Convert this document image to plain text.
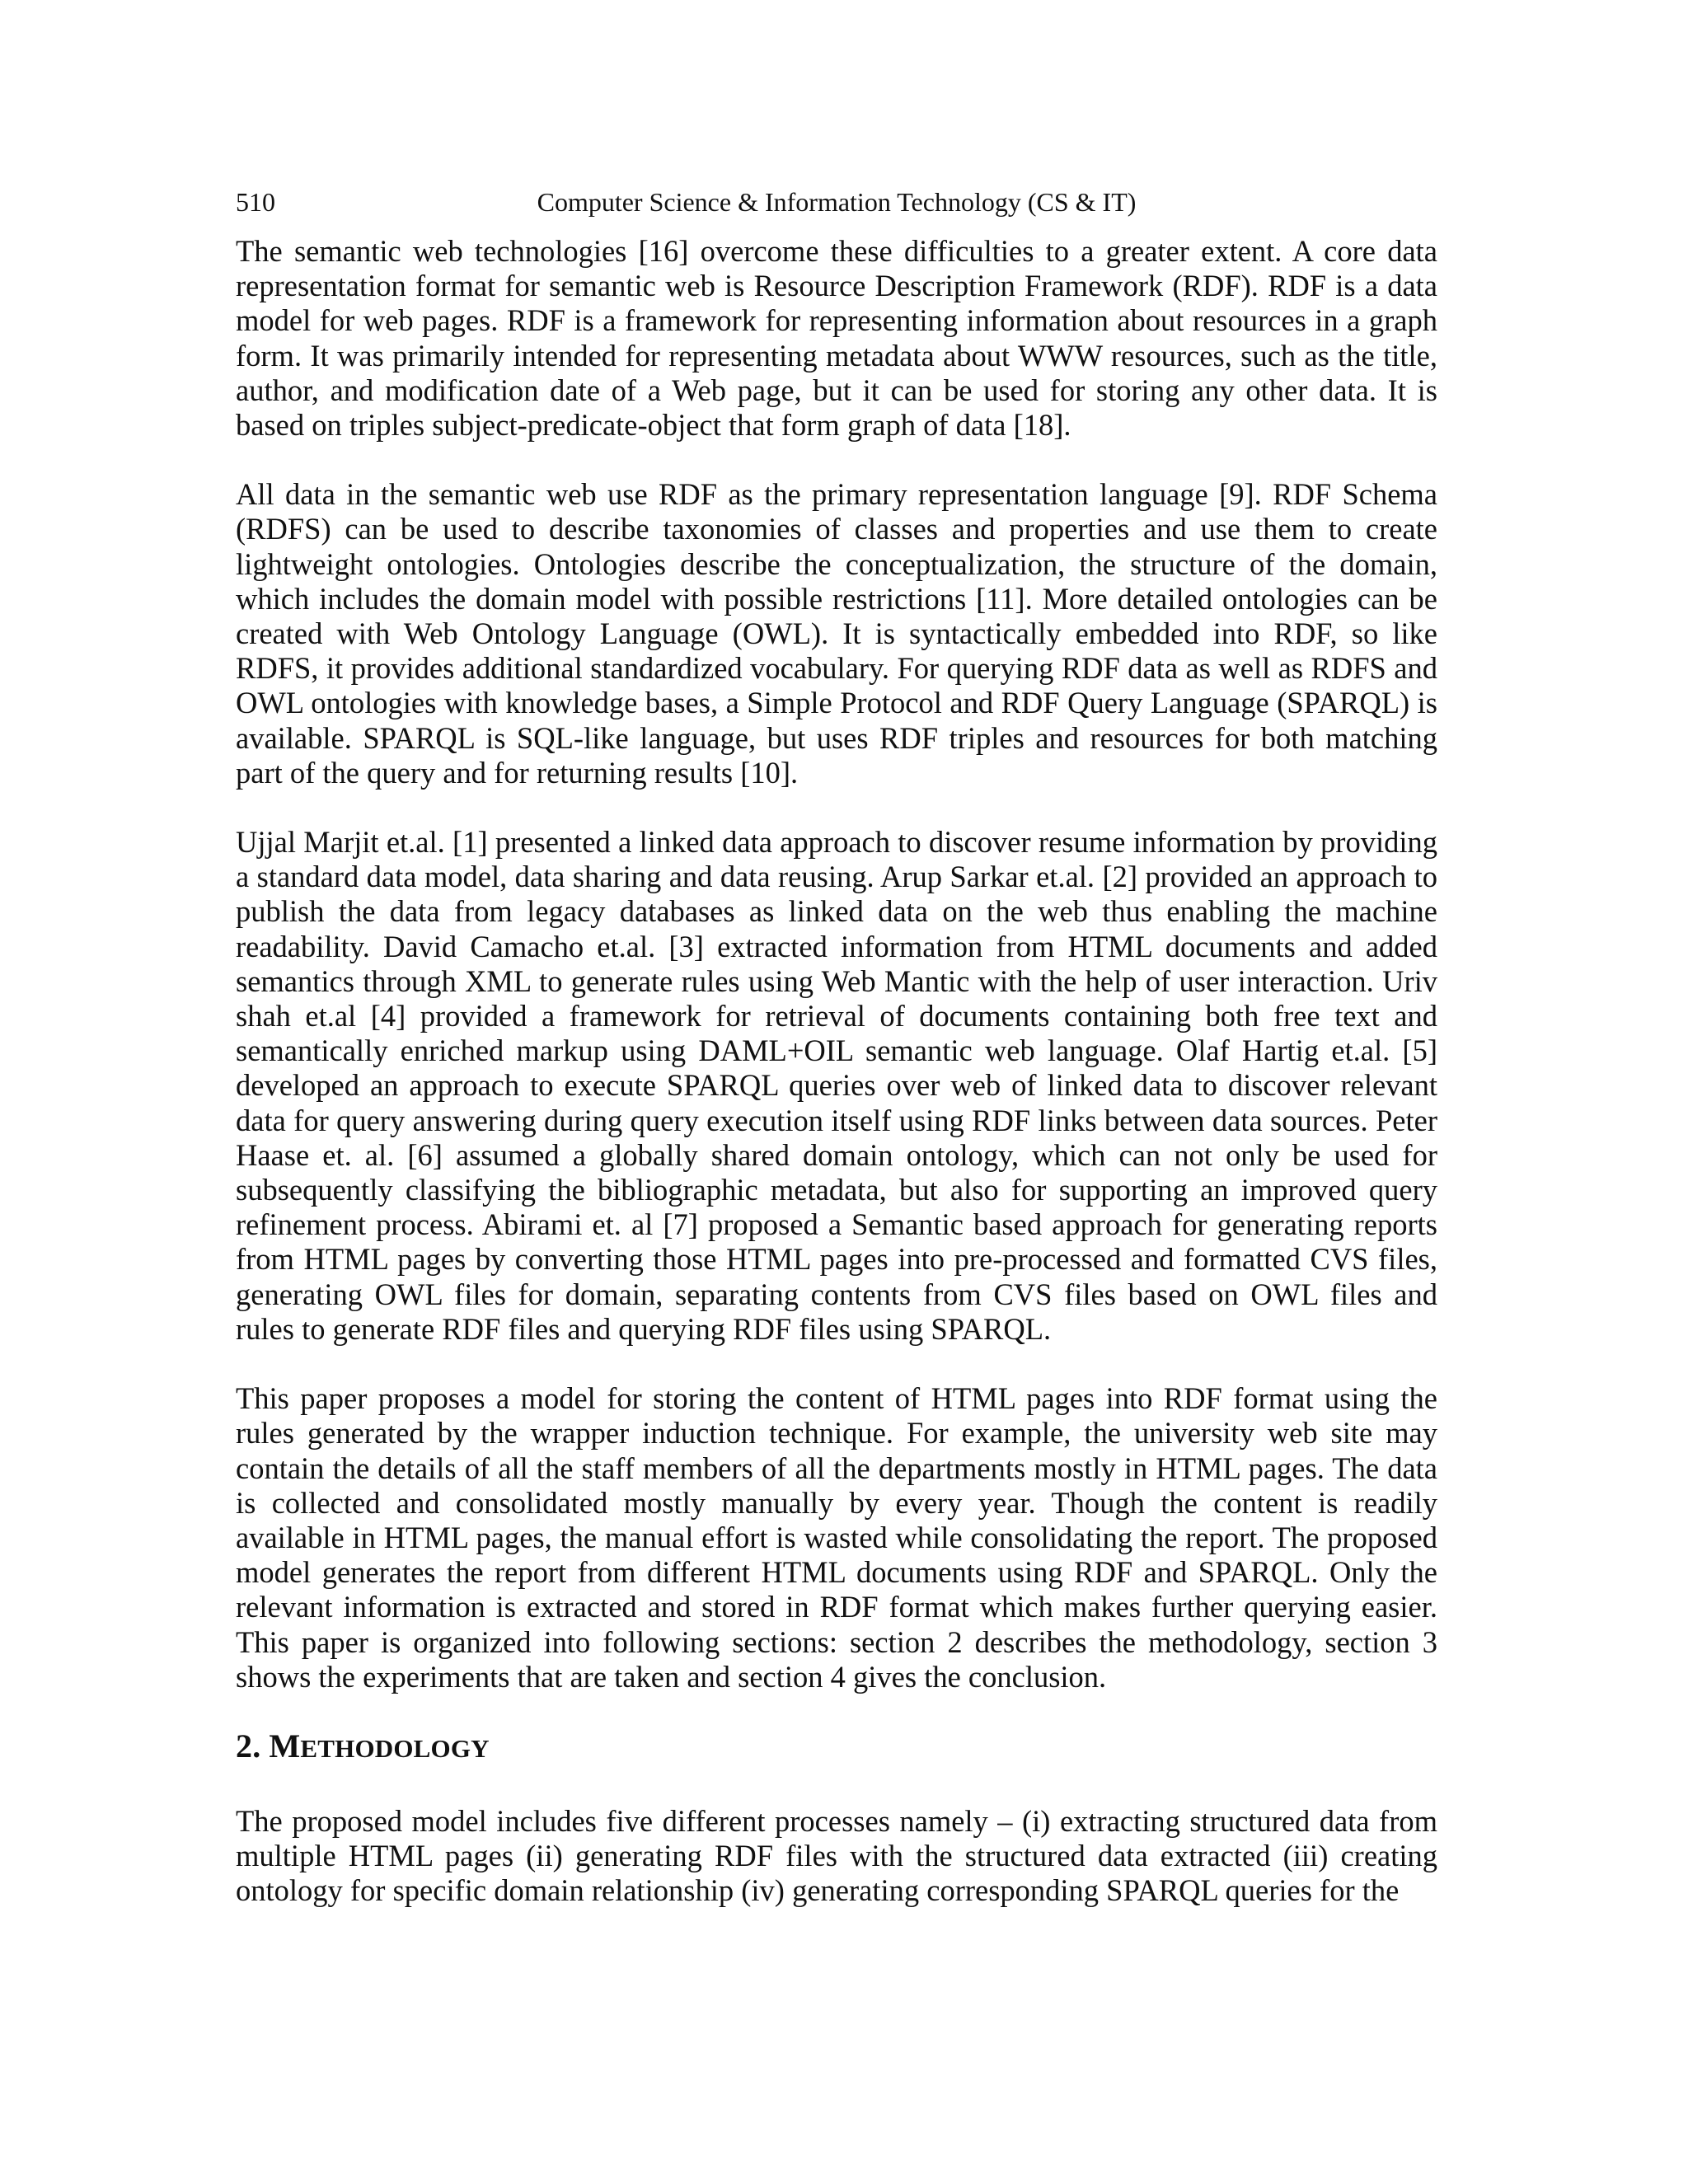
510	Computer Science & Information Technology (CS & IT)

The semantic web technologies [16] overcome these difficulties to a greater extent. A core data representation format for semantic web is Resource Description Framework (RDF). RDF is a data model for web pages. RDF is a framework for representing information about resources in a graph form. It was primarily intended for representing metadata about WWW resources, such as the title, author, and modification date of a Web page, but it can be used for storing any other data. It is based on triples subject-predicate-object that form graph of data [18].

All data in the semantic web use RDF as the primary representation language [9]. RDF Schema (RDFS) can be used to describe taxonomies of classes and properties and use them to create lightweight ontologies. Ontologies describe the conceptualization, the structure of the domain, which includes the domain model with possible restrictions [11]. More detailed ontologies can be created with Web Ontology Language (OWL). It is syntactically embedded into RDF, so like RDFS, it provides additional standardized vocabulary. For querying RDF data as well as RDFS and OWL ontologies with knowledge bases, a Simple Protocol and RDF Query Language (SPARQL) is available. SPARQL is SQL-like language, but uses RDF triples and resources for both matching part of the query and for returning results [10].

Ujjal Marjit et.al. [1] presented a linked data approach to discover resume information by providing a standard data model, data sharing and data reusing. Arup Sarkar et.al. [2] provided an approach to publish the data from legacy databases as linked data on the web thus enabling the machine readability. David Camacho et.al. [3] extracted information from HTML documents and added semantics through XML to generate rules using Web Mantic with the help of user interaction. Uriv shah et.al [4] provided a framework for retrieval of documents containing both free text and semantically enriched markup using DAML+OIL semantic web language. Olaf Hartig et.al. [5] developed an approach to execute SPARQL queries over web of linked data to discover relevant data for query answering during query execution itself using RDF links between data sources. Peter Haase et. al. [6] assumed a globally shared domain ontology, which can not only be used for subsequently classifying the bibliographic metadata, but also for supporting an improved query refinement process. Abirami et. al [7] proposed a Semantic based approach for generating reports from HTML pages by converting those HTML pages into pre-processed and formatted CVS files, generating OWL files for domain, separating contents from CVS files based on OWL files and rules to generate RDF files and querying RDF files using SPARQL.

This paper proposes a model for storing the content of HTML pages into RDF format using the rules generated by the wrapper induction technique. For example, the university web site may contain the details of all the staff members of all the departments mostly in HTML pages. The data is collected and consolidated mostly manually by every year. Though the content is readily available in HTML pages, the manual effort is wasted while consolidating the report. The proposed model generates the report from different HTML documents using RDF and SPARQL. Only the relevant information is extracted and stored in RDF format which makes further querying easier. This paper is organized into following sections: section 2 describes the methodology, section 3 shows the experiments that are taken and section 4 gives the conclusion.

2. METHODOLOGY

The proposed model includes five different processes namely – (i) extracting structured data from multiple HTML pages (ii) generating RDF files with the structured data extracted (iii) creating ontology for specific domain relationship (iv) generating corresponding SPARQL queries for the
